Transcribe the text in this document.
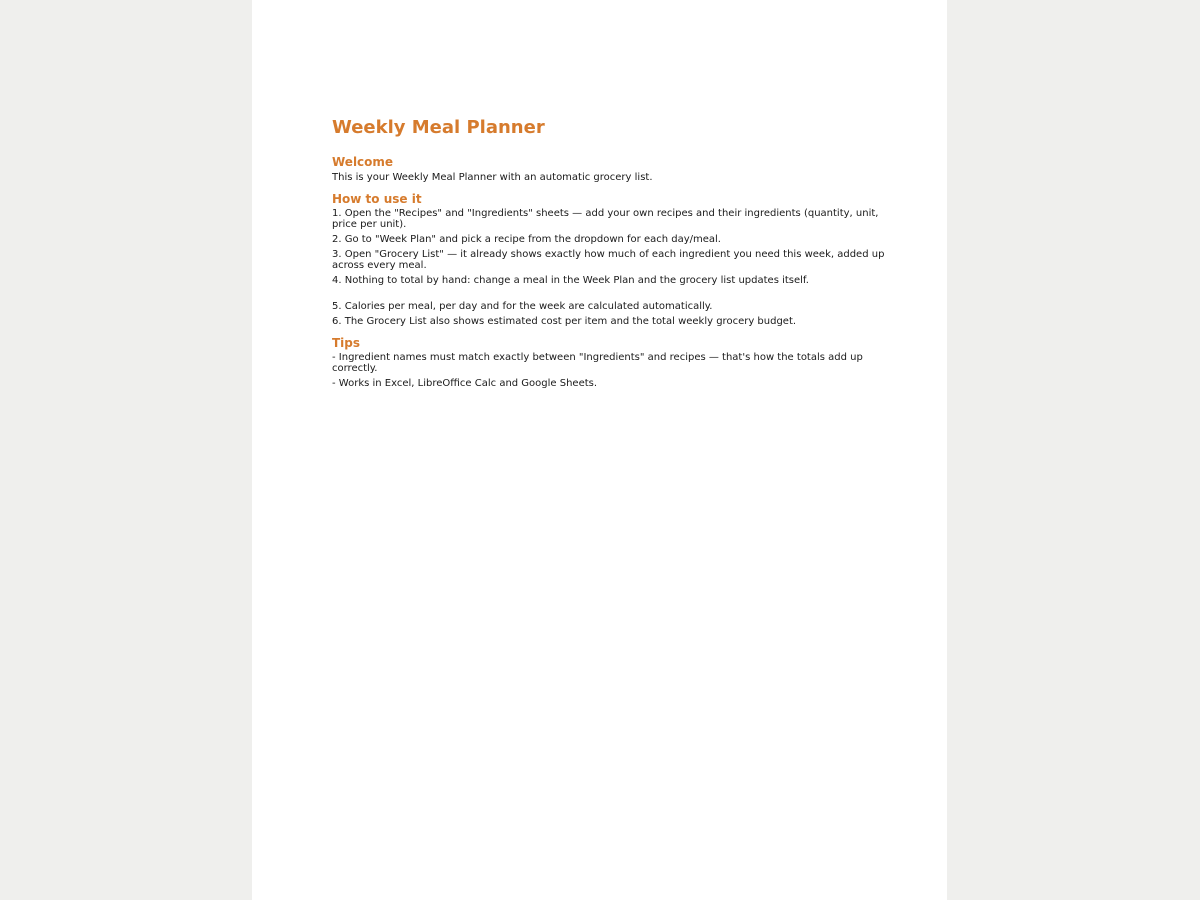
Weekly Meal Planner
Welcome

This is your Weekly Meal Planner with an automatic grocery list.

How to use it

1. Open the "Recipes" and "Ingredients" sheets — add your own recipes and their ingredients (quantity, unit, price per unit).

2. Go to "Week Plan" and pick a recipe from the dropdown for each day/meal.

3. Open "Grocery List" — it already shows exactly how much of each ingredient you need this week, added up across every meal.

4. Nothing to total by hand: change a meal in the Week Plan and the grocery list updates itself.

5. Calories per meal, per day and for the week are calculated automatically.

6. The Grocery List also shows estimated cost per item and the total weekly grocery budget.

Tips

- Ingredient names must match exactly between "Ingredients" and recipes — that's how the totals add up correctly.

- Works in Excel, LibreOffice Calc and Google Sheets.
